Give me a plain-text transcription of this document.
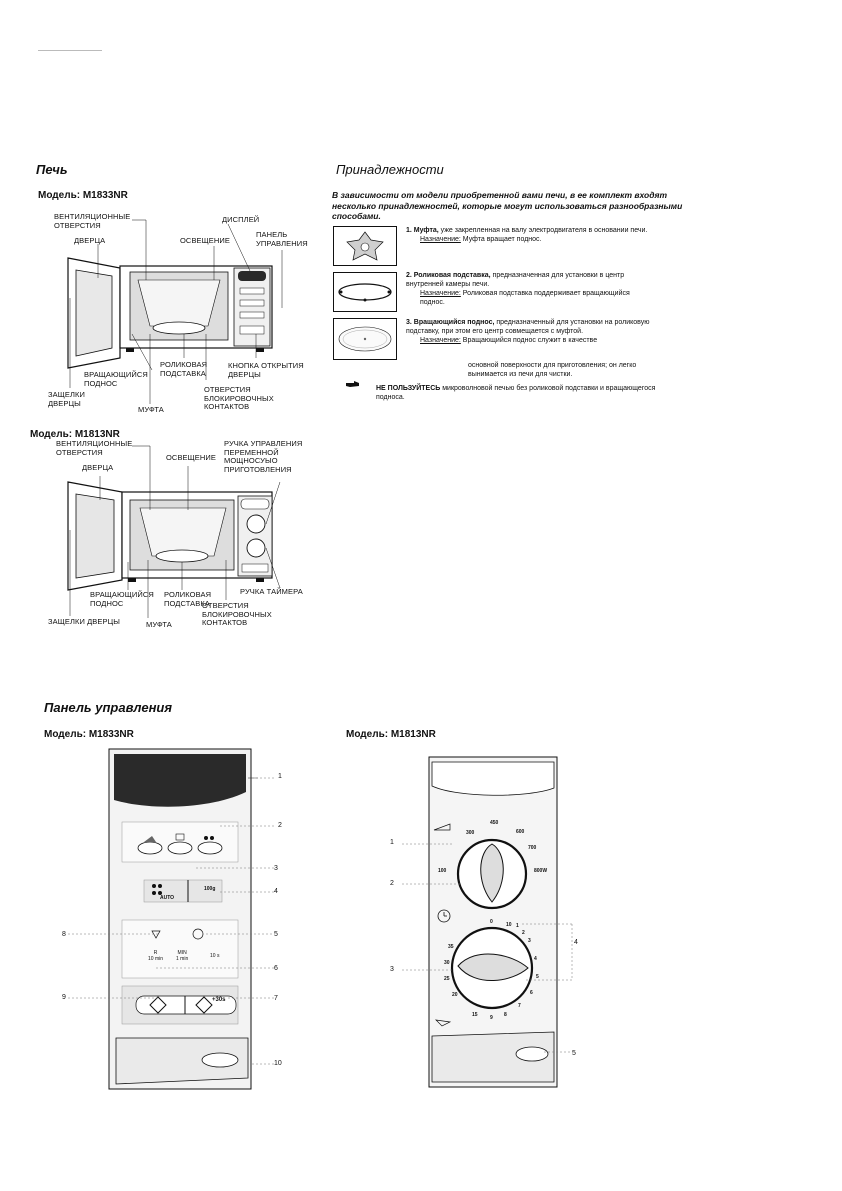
Печь	Принадлежности
Модель: M1833NR
ВЕНТИЛЯЦИОННЫЕ
ОТВЕРСТИЯ
ДВЕРЦА
ДИСПЛЕЙ
ОСВЕЩЕНИЕ
ПАНЕЛЬ
УПРАВЛЕНИЯ
РОЛИКОВАЯ
ПОДСТАВКА
КНОПКА ОТКРЫТИЯ
ДВЕРЦЫ
ВРАЩАЮЩИЙСЯ
ПОДНОС
ОТВЕРСТИЯ
БЛОКИРОВОЧНЫХ
КОНТАКТОВ
ЗАЩЕЛКИ
ДВЕРЦЫ
МУФТА
Модель: M1813NR
ВЕНТИЛЯЦИОННЫЕ
ОТВЕРСТИЯ
ДВЕРЦА
ОСВЕЩЕНИЕ
РУЧКА УПРАВЛЕНИЯ
ПЕРЕМЕННОЙ
МОЩНОСУЫО
ПРИГОТОВЛЕНИЯ
ВРАЩАЮЩИЙСЯ
ПОДНОС
РОЛИКОВАЯ
ПОДСТАВКА
РУЧКА ТАЙМЕРА
ОТВЕРСТИЯ
БЛОКИРОВОЧНЫХ
КОНТАКТОВ
ЗАЩЕЛКИ ДВЕРЦЫ	МУФТА
В зависимости от модели приобретенной вами печи, в ее комплект входят несколько принадлежностей, которые могут использоваться разнообразными способами.
1. Муфта, уже закрепленная на валу электродвигателя в основании печи.
Назначение: Муфта вращает поднос.
2. Роликовая подставка, предназначенная для установки в центр внутренней камеры печи.
Назначение: Роликовая подставка поддерживает вращающийся поднос.
3. Вращающийся поднос, предназначенный для установки на роликовую подставку, при этом его центр совмещается с муфтой.
Назначение: Вращающийся поднос служит в качестве
основной поверхности для приготовления; он легко вынимается из печи для чистки.
НЕ ПОЛЬЗУЙТЕСЬ микроволновой печью без роликовой подставки и вращающегося подноса.
Панель управления
Модель: M1833NR	Модель: M1813NR
AUTO
100g
R
10 min
MIN
1 min	10 s
+30s
1
2
3
4
5
8
6
9	7
10
300
450
600
700
800W
100
0
1
2
3
4
5
6
7
8
9
10
15
20
25
30
35
1
2
3
4
5
